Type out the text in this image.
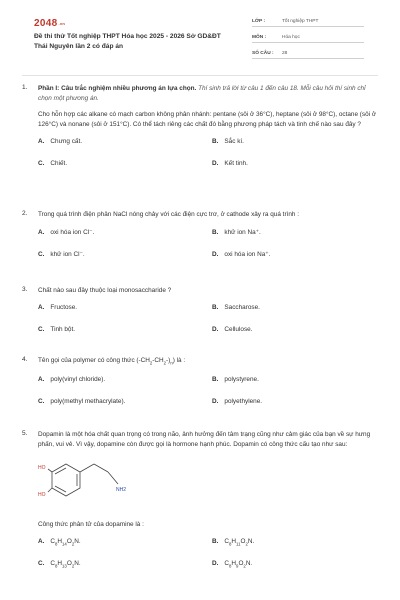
$2048^{.vn}$
Đề thi thử Tốt nghiệp THPT Hóa học 2025 - 2026 Sở GD&ĐT Thái Nguyên lần 2 có đáp án
LỚP :	Tốt nghiệp THPT
MÔN :	Hóa học
SỐ CÂU : 28
1.	Phần I: Câu trắc nghiệm nhiều phương án lựa chọn. Thí sinh trả lời từ câu 1 đến câu 18. Mỗi câu hỏi thí sinh chỉ chọn một phương án.
Cho hỗn hợp các alkane có mạch carbon không phân nhánh: pentane (sôi ở 36°C), heptane (sôi ở 98°C), octane (sôi ở 126°C) và nonane (sôi ở 151°C). Có thể tách riêng các chất đó bằng phương pháp tách và tinh chế nào sau đây ?
A. Chưng cất.	B. Sắc kí.
C. Chiết.	D. Kết tinh.
2.	Trong quá trình điện phân NaCl nóng chảy với các điện cực trơ, ở cathode xảy ra quá trình :
A. oxi hóa ion Cl⁻.	B. khử ion Na⁺.
C. khử ion Cl⁻.	D. oxi hóa ion Na⁺.
3.	Chất nào sau đây thuộc loại monosaccharide ?
A. Fructose.	B. Saccharose.
C. Tinh bột.	D. Cellulose.
4.	Tên gọi của polymer có công thức $(-CH_2-CH_2-)_n$) là :
A. poly(vinyl chloride).	B. polystyrene.
C. poly(methyl methacrylate).	D. polyethylene.
5.	Dopamin là một hóa chất quan trọng có trong não, ảnh hưởng đến tâm trạng cũng như cảm giác của bạn về sự hưng phấn, vui vẻ. Vì vậy, dopamine còn được gọi là hormone hạnh phúc. Dopamin có công thức cấu tạo như sau:
HO
HO
NH2
Công thức phân tử của dopamine là :
A. $C_8H_{14}O_2N$.	B. $C_8H_{11}O_2N$.
C. $C_8H_{13}O_2N$.	D. $C_8H_9O_2N$.
